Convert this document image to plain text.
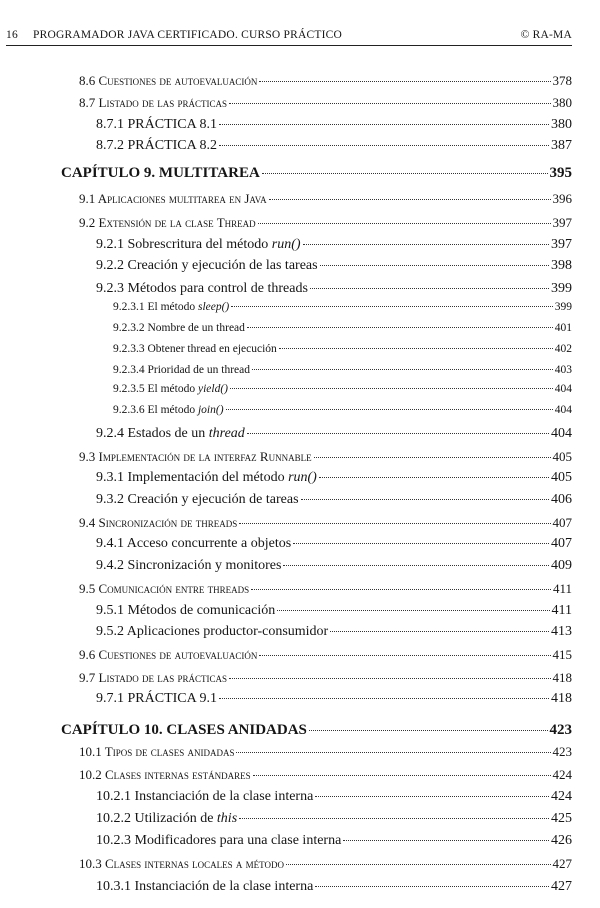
16 PROGRAMADOR JAVA CERTIFICADO. CURSO PRÁCTICO	© RA-MA
8.6 Cuestiones de autoevaluación	378
8.7 Listado de las prácticas	380
8.7.1 PRÁCTICA 8.1	380
8.7.2 PRÁCTICA 8.2	387
CAPÍTULO 9. MULTITAREA	395
9.1 Aplicaciones multitarea en Java	396
9.2 Extensión de la clase Thread	397
9.2.1 Sobrescritura del método run()	397
9.2.2 Creación y ejecución de las tareas	398
9.2.3 Métodos para control de threads	399
9.2.3.1 El método sleep()	399
9.2.3.2 Nombre de un thread	401
9.2.3.3 Obtener thread en ejecución	402
9.2.3.4 Prioridad de un thread	403
9.2.3.5 El método yield()	404
9.2.3.6 El método join()	404
9.2.4 Estados de un thread	404
9.3 Implementación de la interfaz Runnable	405
9.3.1 Implementación del método run()	405
9.3.2 Creación y ejecución de tareas	406
9.4 Sincronización de threads	407
9.4.1 Acceso concurrente a objetos	407
9.4.2 Sincronización y monitores	409
9.5 Comunicación entre threads	411
9.5.1 Métodos de comunicación	411
9.5.2 Aplicaciones productor-consumidor	413
9.6 Cuestiones de autoevaluación	415
9.7 Listado de las prácticas	418
9.7.1 PRÁCTICA 9.1	418
CAPÍTULO 10. CLASES ANIDADAS	423
10.1 Tipos de clases anidadas	423
10.2 Clases internas estándares	424
10.2.1 Instanciación de la clase interna	424
10.2.2 Utilización de this	425
10.2.3 Modificadores para una clase interna	426
10.3 Clases internas locales a método	427
10.3.1 Instanciación de la clase interna	427
